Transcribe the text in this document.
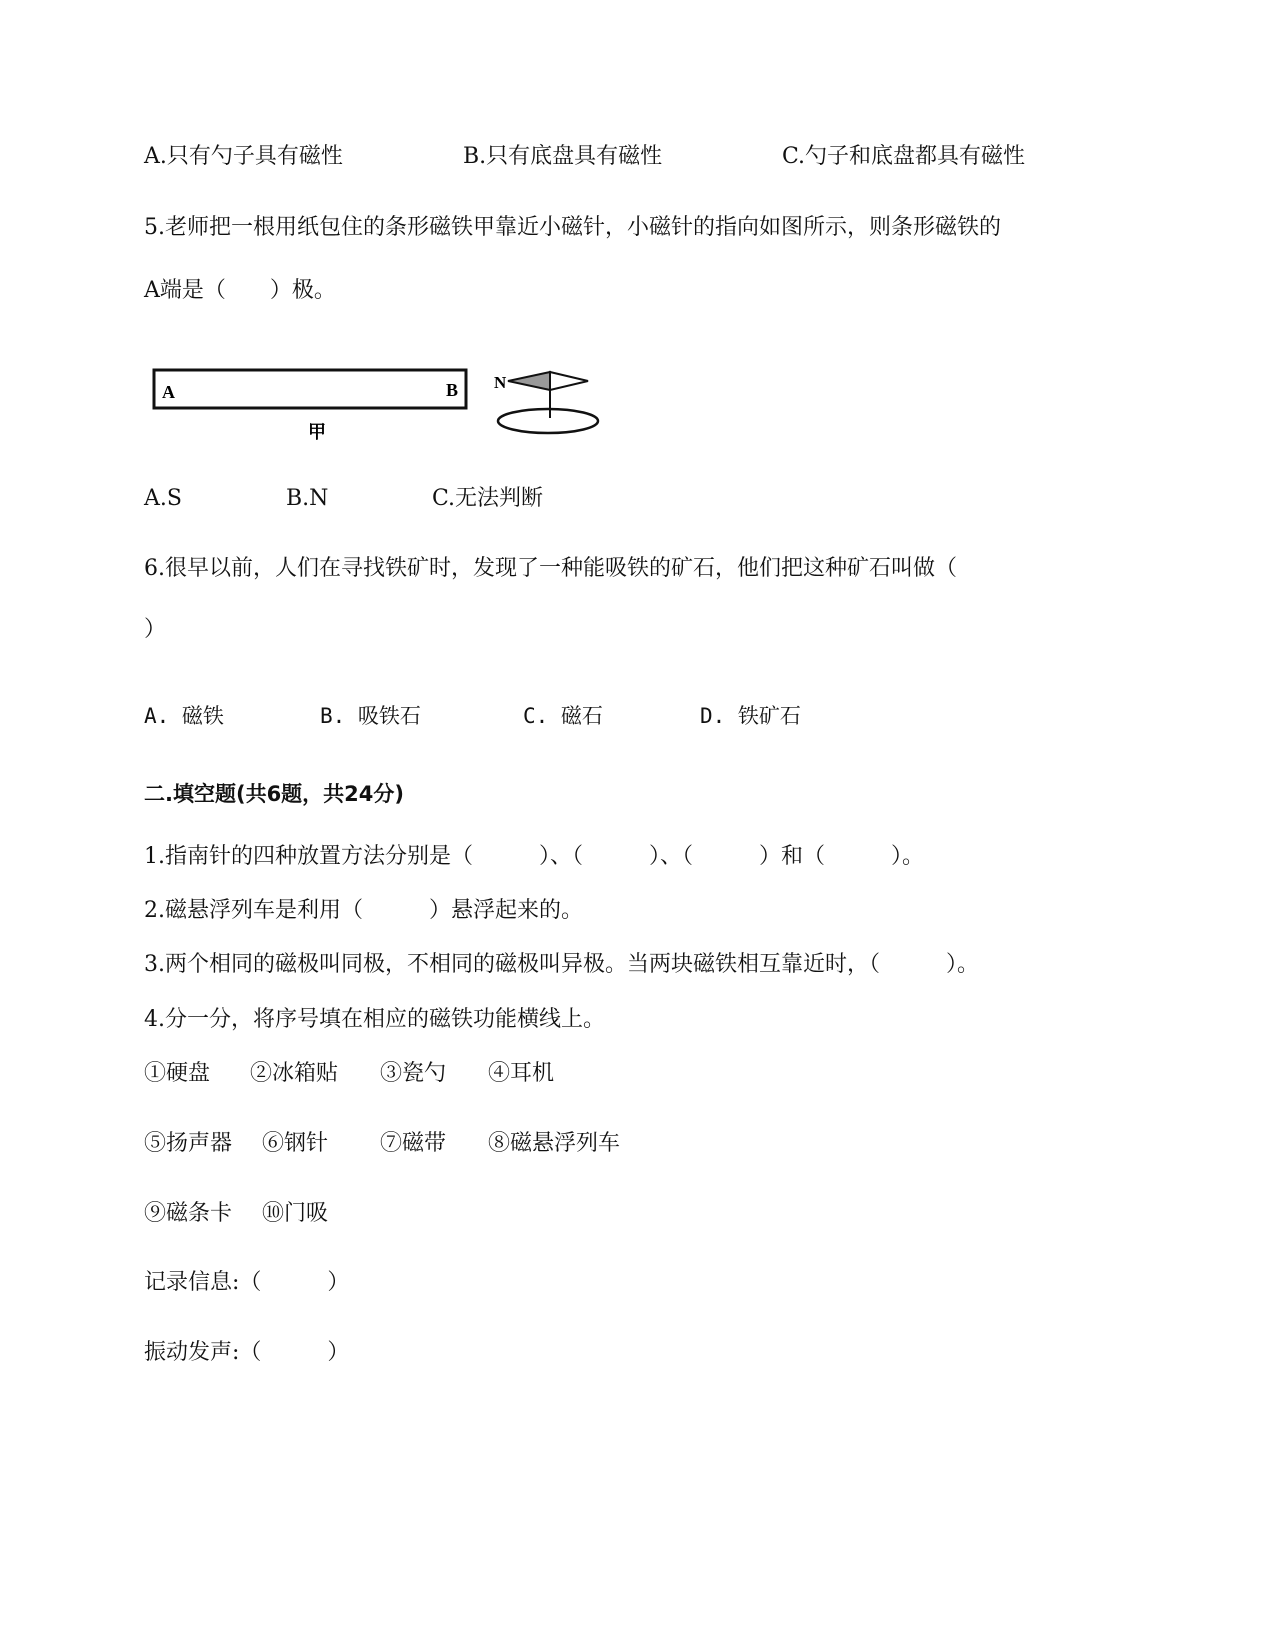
A.只有勺子具有磁性	B.只有底盘具有磁性	C.勺子和底盘都具有磁性
5.老师把一根用纸包住的条形磁铁甲靠近小磁针，小磁针的指向如图所示，则条形磁铁的
A端是（　　）极。
A	B
甲
N
A.S	B.N	C.无法判断
6.很早以前，人们在寻找铁矿时，发现了一种能吸铁的矿石，他们把这种矿石叫做（
）
A. 磁铁	B. 吸铁石	C. 磁石	D. 铁矿石
二.填空题(共6题，共24分)
1.指南针的四种放置方法分别是（　　　）、（　　　）、（　　　）和（　　　）。
2.磁悬浮列车是利用（　　　）悬浮起来的。
3.两个相同的磁极叫同极，不相同的磁极叫异极。当两块磁铁相互靠近时，（　　　）。
4.分一分，将序号填在相应的磁铁功能横线上。
①硬盘 ②冰箱贴 ③瓷勺 ④耳机
⑤扬声器 ⑥钢针 ⑦磁带 ⑧磁悬浮列车
⑨磁条卡 ⑩门吸
记录信息:（　　　）
振动发声:（　　　）
